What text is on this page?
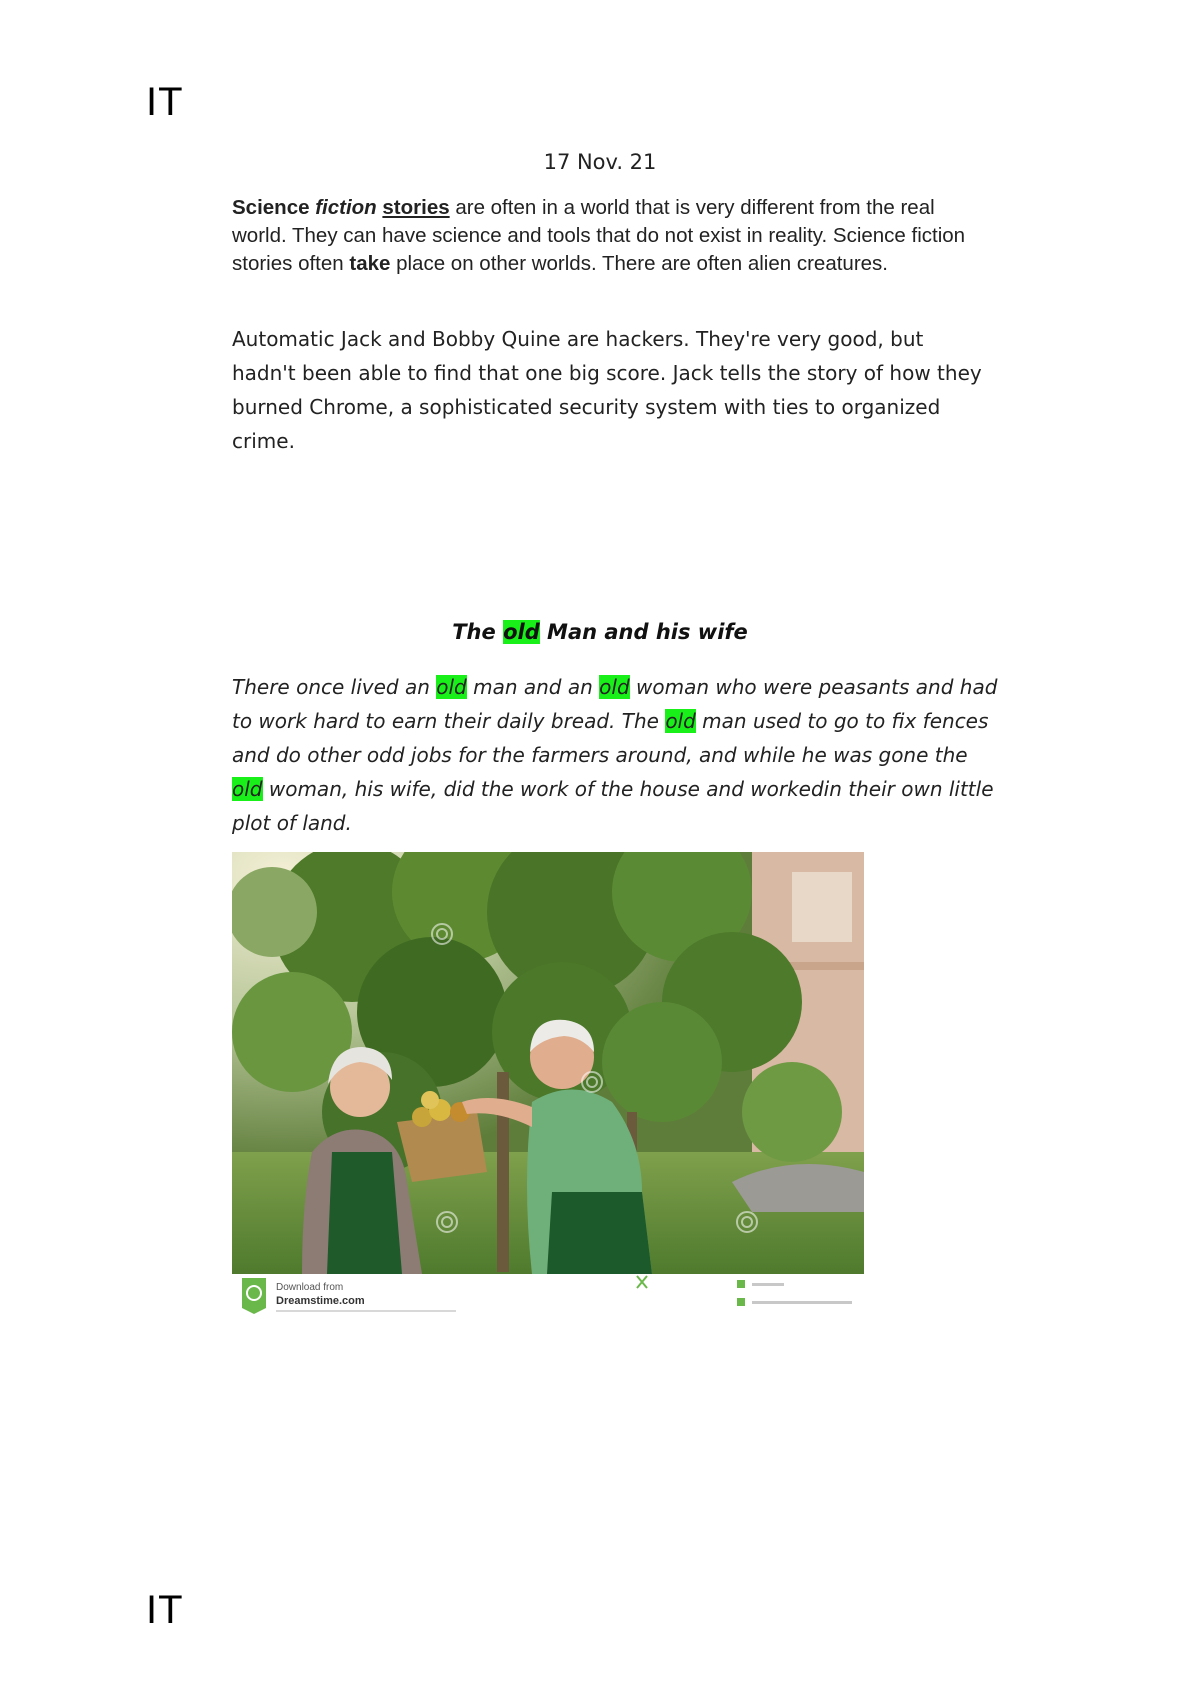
IT
17 Nov. 21

Science fiction stories are often in a world that is very different from the real world. They can have science and tools that do not exist in reality. Science fiction stories often take place on other worlds. There are often alien creatures.

Automatic Jack and Bobby Quine are hackers. They're very good, but hadn't been able to find that one big score. Jack tells the story of how they burned Chrome, a sophisticated security system with ties to organized crime.

The old Man and his wife

There once lived an old man and an old woman who were peasants and had to work hard to earn their daily bread. The old man used to go to fix fences and do other odd jobs for the farmers around, and while he was gone the old woman, his wife, did the work of the house and workedin their own little plot of land.

Download from
Dreamstime.com
IT
